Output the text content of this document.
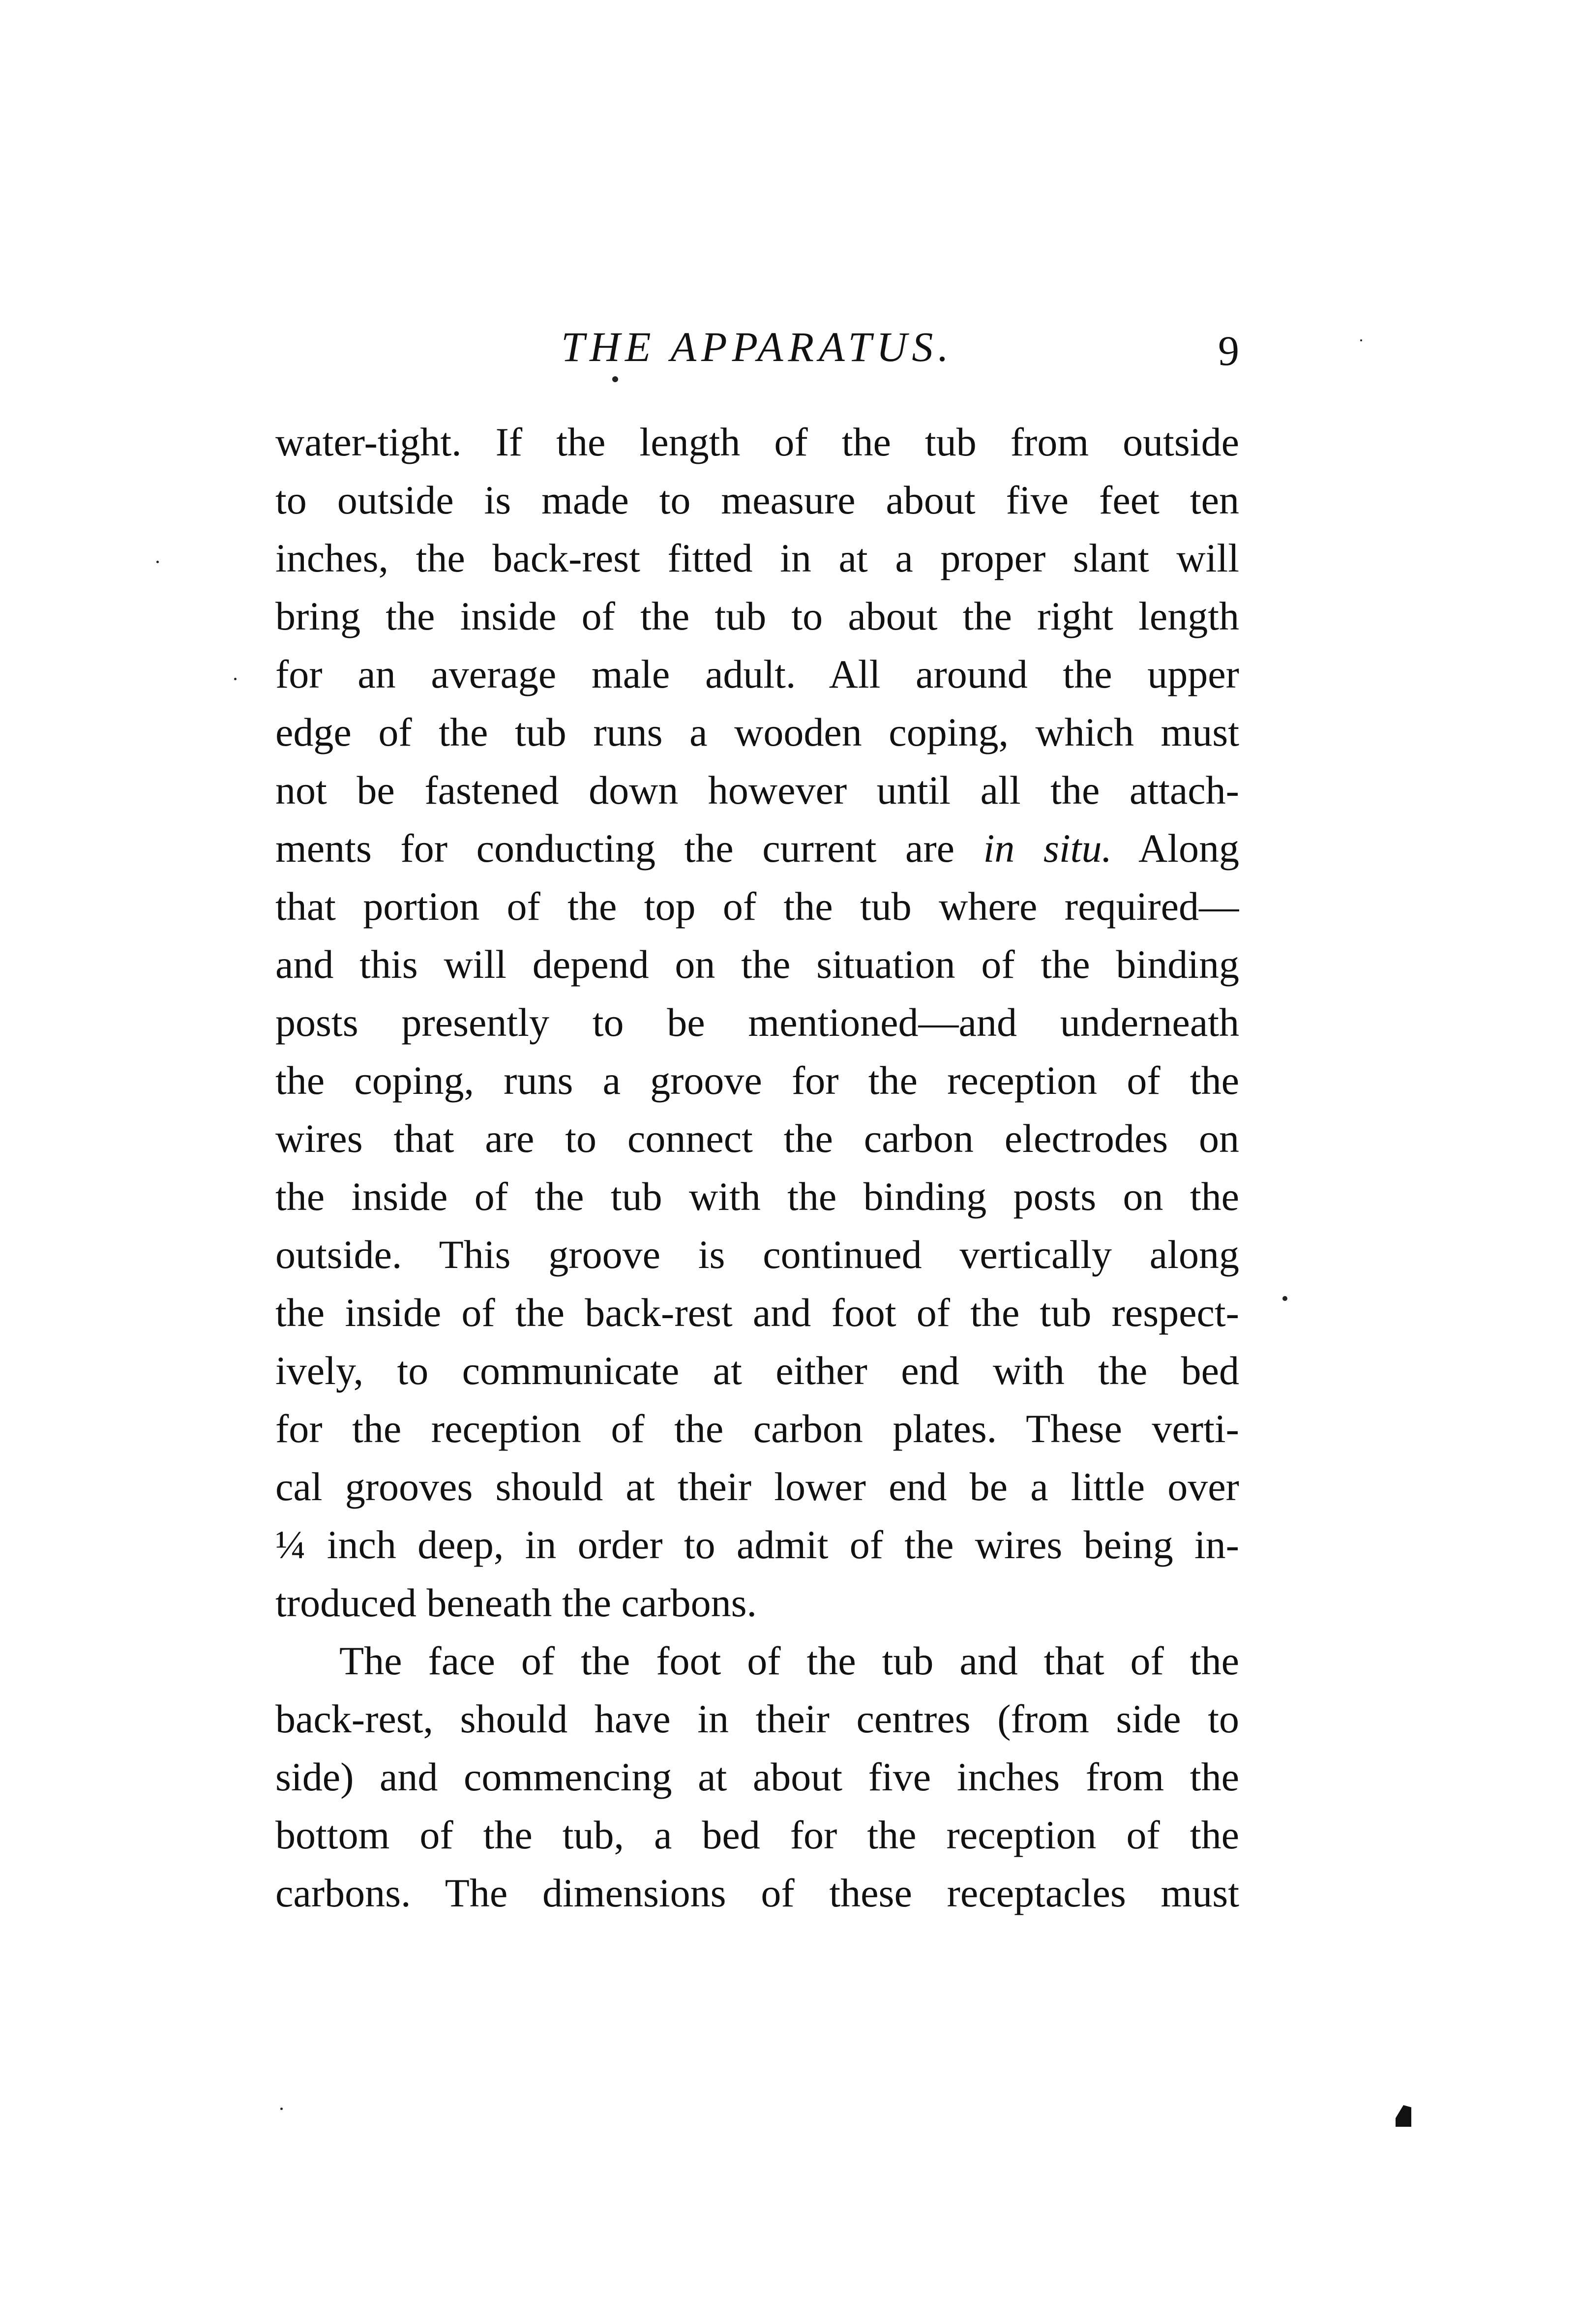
THE APPARATUS.	9
water-tight. If the length of the tub from outside
to outside is made to measure about five feet ten
inches, the back-rest fitted in at a proper slant will
bring the inside of the tub to about the right length
for an average male adult. All around the upper
edge of the tub runs a wooden coping, which must
not be fastened down however until all the attach-
ments for conducting the current are in situ. Along
that portion of the top of the tub where required—
and this will depend on the situation of the binding
posts presently to be mentioned—and underneath
the coping, runs a groove for the reception of the
wires that are to connect the carbon electrodes on
the inside of the tub with the binding posts on the
outside. This groove is continued vertically along
the inside of the back-rest and foot of the tub respect-
ively, to communicate at either end with the bed
for the reception of the carbon plates. These verti-
cal grooves should at their lower end be a little over
¼ inch deep, in order to admit of the wires being in-
troduced beneath the carbons.
The face of the foot of the tub and that of the
back-rest, should have in their centres (from side to
side) and commencing at about five inches from the
bottom of the tub, a bed for the reception of the
carbons. The dimensions of these receptacles must
